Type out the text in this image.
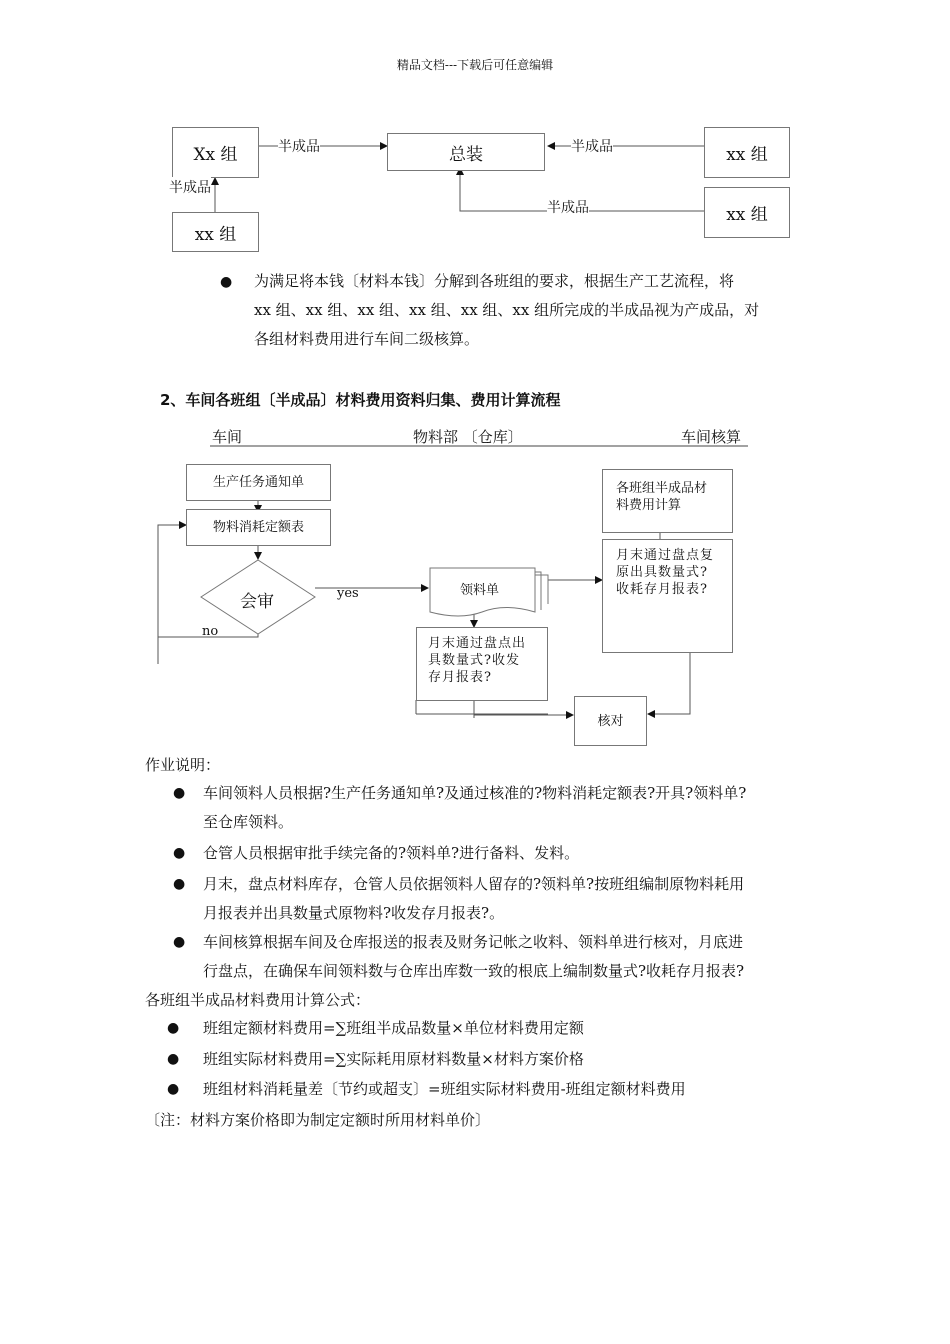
精品文档---下载后可任意编辑
Xx 组
xx 组
总装	xx 组
xx 组
半成品	半成品
半成品
半成品
● 为满足将本钱〔材料本钱〕分解到各班组的要求，根据生产工艺流程，将
xx 组、xx 组、xx 组、xx 组、xx 组、xx 组所完成的半成品视为产成品，对
各组材料费用进行车间二级核算。
2、车间各班组〔半成品〕材料费用资料归集、费用计算流程
车间	物料部 〔仓库〕	车间核算
生产任务通知单
物料消耗定额表
会审	yes
no
领料单
月末通过盘点出
具数量式?收发
存月报表?
各班组半成品材
料费用计算
月末通过盘点复
原出具数量式?
收耗存月报表?
核对
作业说明：
● 车间领料人员根据?生产任务通知单?及通过核准的?物料消耗定额表?开具?领料单?
至仓库领料。
● 仓管人员根据审批手续完备的?领料单?进行备料、发料。
● 月末，盘点材料库存，仓管人员依据领料人留存的?领料单?按班组编制原物料耗用
月报表并出具数量式原物料?收发存月报表?。
● 车间核算根据车间及仓库报送的报表及财务记帐之收料、领料单进行核对，月底进
行盘点，在确保车间领料数与仓库出库数一致的根底上编制数量式?收耗存月报表?
各班组半成品材料费用计算公式：
● 班组定额材料费用=∑班组半成品数量×单位材料费用定额
● 班组实际材料费用=∑实际耗用原材料数量×材料方案价格
● 班组材料消耗量差〔节约或超支〕=班组实际材料费用-班组定额材料费用
〔注：材料方案价格即为制定定额时所用材料单价〕
